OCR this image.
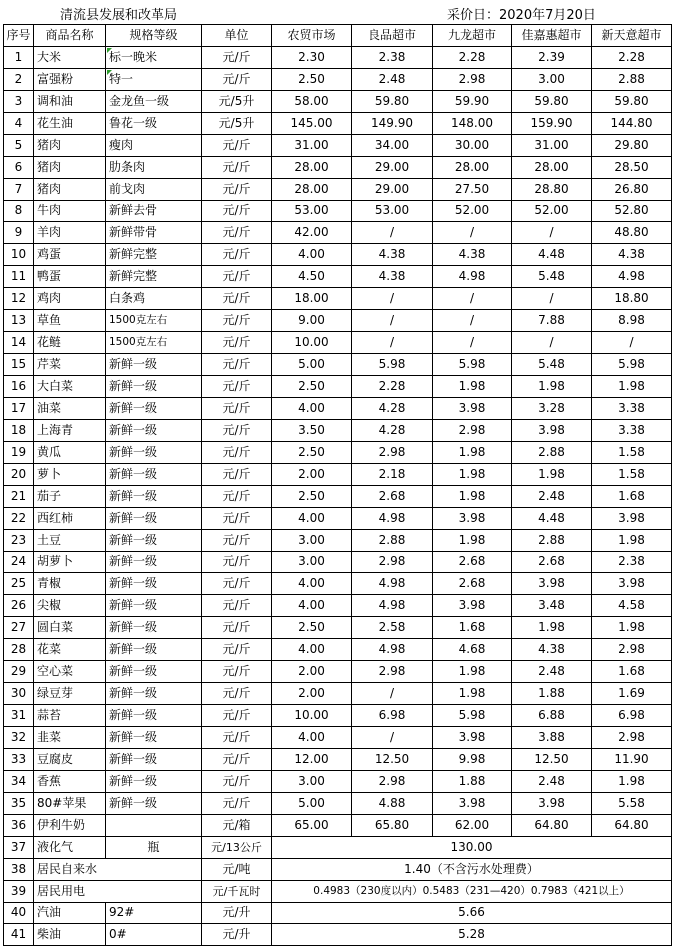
清流县发展和改革局	采价日：2020年7月20日
序号	商品名称	规格等级	单位	农贸市场	良品超市	九龙超市	佳嘉惠超市	新天意超市
1	大米	标一晚米	元/斤	2.30	2.38	2.28	2.39	2.28
2	富强粉	特一	元/斤	2.50	2.48	2.98	3.00	2.88
3	调和油	金龙鱼一级	元/5升	58.00	59.80	59.90	59.80	59.80
4	花生油	鲁花一级	元/5升	145.00	149.90	148.00	159.90	144.80
5	猪肉	瘦肉	元/斤	31.00	34.00	30.00	31.00	29.80
6	猪肉	肋条肉	元/斤	28.00	29.00	28.00	28.00	28.50
7	猪肉	前戈肉	元/斤	28.00	29.00	27.50	28.80	26.80
8	牛肉	新鲜去骨	元/斤	53.00	53.00	52.00	52.00	52.80
9	羊肉	新鲜带骨	元/斤	42.00	/	/	/	48.80
10	鸡蛋	新鲜完整	元/斤	4.00	4.38	4.38	4.48	4.38
11	鸭蛋	新鲜完整	元/斤	4.50	4.38	4.98	5.48	4.98
12	鸡肉	白条鸡	元/斤	18.00	/	/	/	18.80
13	草鱼	1500克左右	元/斤	9.00	/	/	7.88	8.98
14	花鲢	1500克左右	元/斤	10.00	/	/	/	/
15	芹菜	新鲜一级	元/斤	5.00	5.98	5.98	5.48	5.98
16	大白菜	新鲜一级	元/斤	2.50	2.28	1.98	1.98	1.98
17	油菜	新鲜一级	元/斤	4.00	4.28	3.98	3.28	3.38
18	上海青	新鲜一级	元/斤	3.50	4.28	2.98	3.98	3.38
19	黄瓜	新鲜一级	元/斤	2.50	2.98	1.98	2.88	1.58
20	萝卜	新鲜一级	元/斤	2.00	2.18	1.98	1.98	1.58
21	茄子	新鲜一级	元/斤	2.50	2.68	1.98	2.48	1.68
22	西红柿	新鲜一级	元/斤	4.00	4.98	3.98	4.48	3.98
23	土豆	新鲜一级	元/斤	3.00	2.88	1.98	2.88	1.98
24	胡萝卜	新鲜一级	元/斤	3.00	2.98	2.68	2.68	2.38
25	青椒	新鲜一级	元/斤	4.00	4.98	2.68	3.98	3.98
26	尖椒	新鲜一级	元/斤	4.00	4.98	3.98	3.48	4.58
27	圆白菜	新鲜一级	元/斤	2.50	2.58	1.68	1.98	1.98
28	花菜	新鲜一级	元/斤	4.00	4.98	4.68	4.38	2.98
29	空心菜	新鲜一级	元/斤	2.00	2.98	1.98	2.48	1.68
30	绿豆芽	新鲜一级	元/斤	2.00	/	1.98	1.88	1.69
31	蒜苔	新鲜一级	元/斤	10.00	6.98	5.98	6.88	6.98
32	韭菜	新鲜一级	元/斤	4.00	/	3.98	3.88	2.98
33	豆腐皮	新鲜一级	元/斤	12.00	12.50	9.98	12.50	11.90
34	香蕉	新鲜一级	元/斤	3.00	2.98	1.88	2.48	1.98
35	80#苹果	新鲜一级	元/斤	5.00	4.88	3.98	3.98	5.58
36	伊利牛奶		元/箱	65.00	65.80	62.00	64.80	64.80
37	液化气	瓶	元/13公斤	130.00				
38	居民自来水		元/吨	1.40（不含污水处理费）				
39	居民用电		元/千瓦时	0.4983（230度以内）0.5483（231—420）0.7983（421以上）				
40	汽油	92#	元/升	5.66				
41	柴油	0#	元/升	5.28				
